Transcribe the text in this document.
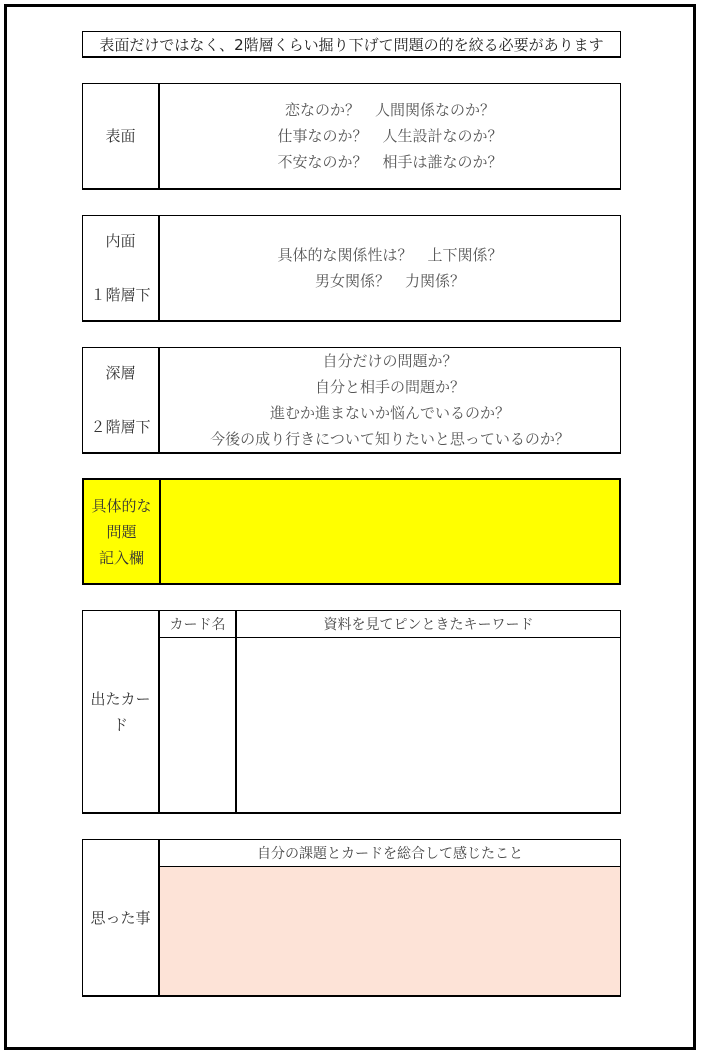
表面だけではなく、2階層くらい掘り下げて問題の的を絞る必要があります
表面
恋なのか？　人間関係なのか？
仕事なのか？　人生設計なのか？
不安なのか？　相手は誰なのか？
内面
１階層下
具体的な関係性は？　上下関係？
男女関係？　力関係？
深層
２階層下
自分だけの問題か？
自分と相手の問題か？
進むか進まないか悩んでいるのか？
今後の成り行きについて知りたいと思っているのか？
具体的な
問題
記入欄
出たカード
カード名	資料を見てピンときたキーワード
思った事
自分の課題とカードを総合して感じたこと
